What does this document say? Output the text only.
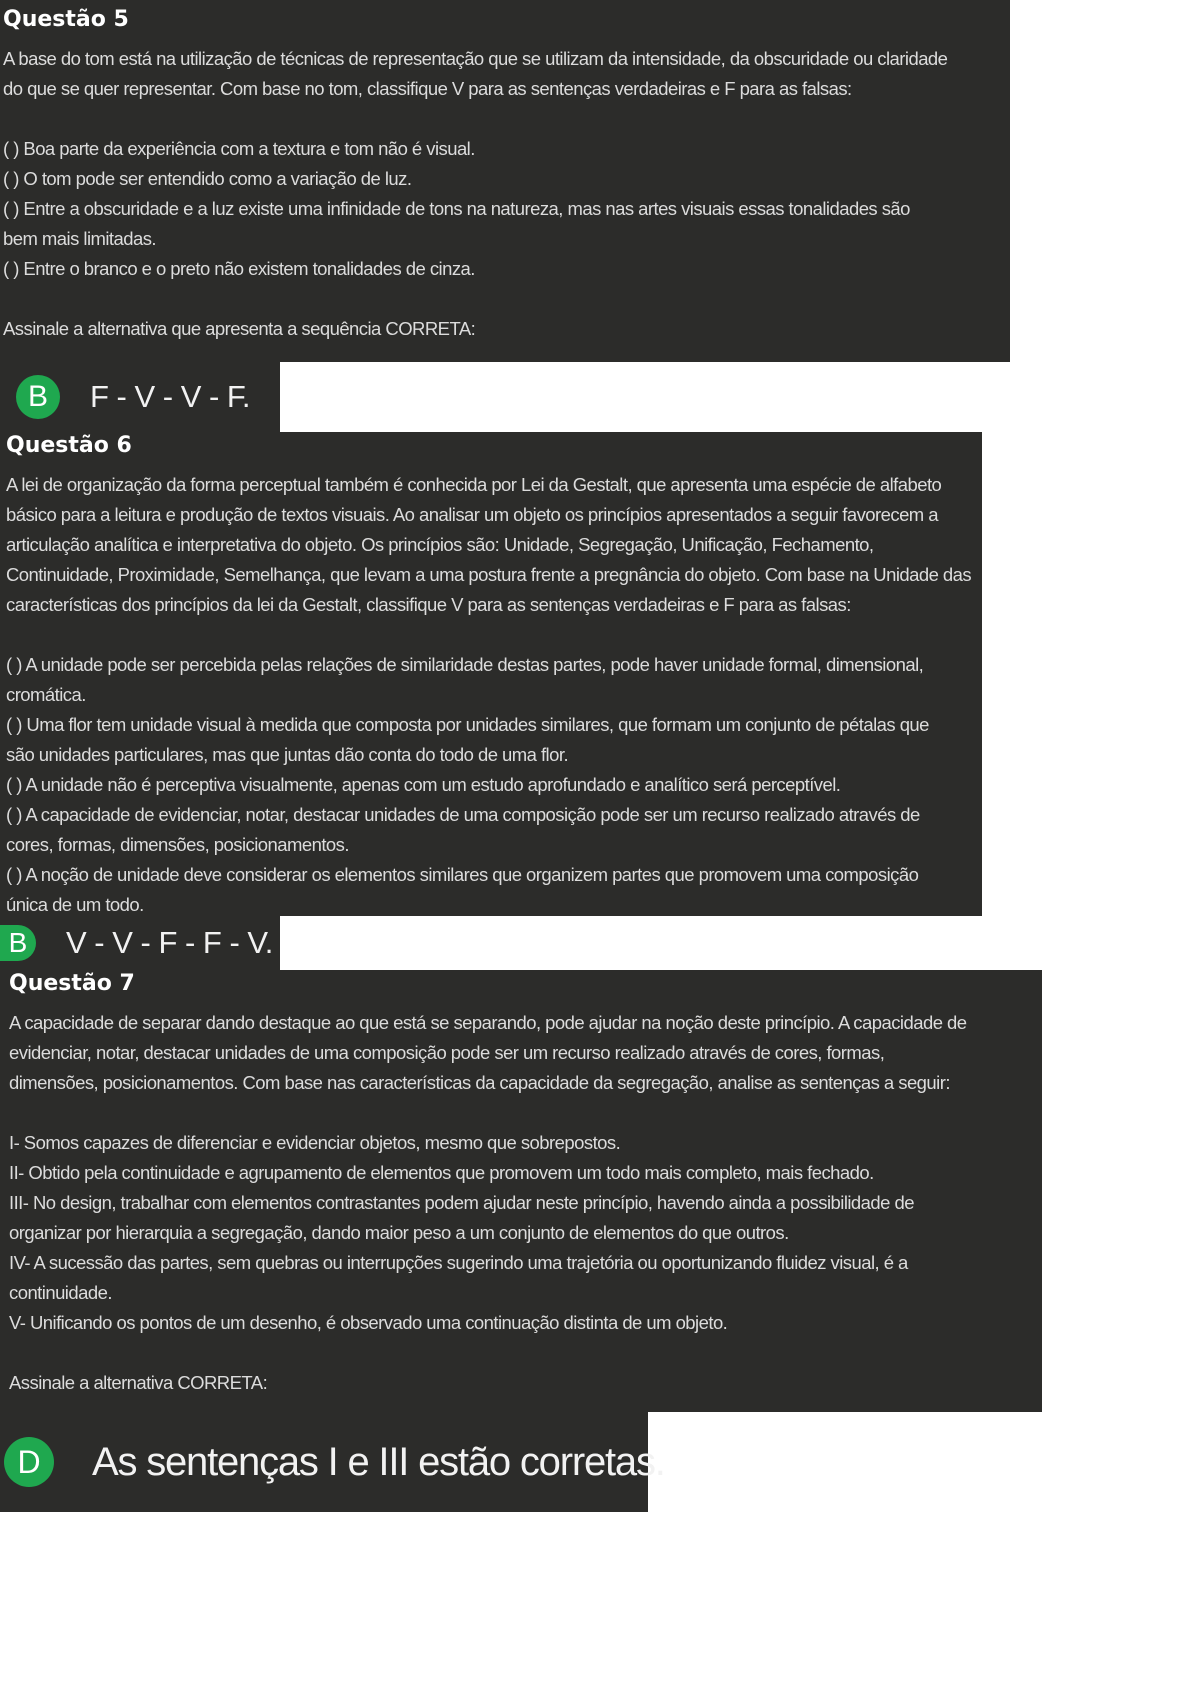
Questão 5

A base do tom está na utilização de técnicas de representação que se utilizam da intensidade, da obscuridade ou claridade
do que se quer representar. Com base no tom, classifique V para as sentenças verdadeiras e F para as falsas:

( ) Boa parte da experiência com a textura e tom não é visual.
( ) O tom pode ser entendido como a variação de luz.
( ) Entre a obscuridade e a luz existe uma infinidade de tons na natureza, mas nas artes visuais essas tonalidades são
bem mais limitadas.
( ) Entre o branco e o preto não existem tonalidades de cinza.

Assinale a alternativa que apresenta a sequência CORRETA:

B	F - V - V - F.
Questão 6

A lei de organização da forma perceptual também é conhecida por Lei da Gestalt, que apresenta uma espécie de alfabeto
básico para a leitura e produção de textos visuais. Ao analisar um objeto os princípios apresentados a seguir favorecem a
articulação analítica e interpretativa do objeto. Os princípios são: Unidade, Segregação, Unificação, Fechamento,
Continuidade, Proximidade, Semelhança, que levam a uma postura frente a pregnância do objeto. Com base na Unidade das
características dos princípios da lei da Gestalt, classifique V para as sentenças verdadeiras e F para as falsas:

( ) A unidade pode ser percebida pelas relações de similaridade destas partes, pode haver unidade formal, dimensional,
cromática.
( ) Uma flor tem unidade visual à medida que composta por unidades similares, que formam um conjunto de pétalas que
são unidades particulares, mas que juntas dão conta do todo de uma flor.
( ) A unidade não é perceptiva visualmente, apenas com um estudo aprofundado e analítico será perceptível.
( ) A capacidade de evidenciar, notar, destacar unidades de uma composição pode ser um recurso realizado através de
cores, formas, dimensões, posicionamentos.
( ) A noção de unidade deve considerar os elementos similares que organizem partes que promovem uma composição
única de um todo.

B V - V - F - F - V.
Questão 7

A capacidade de separar dando destaque ao que está se separando, pode ajudar na noção deste princípio. A capacidade de
evidenciar, notar, destacar unidades de uma composição pode ser um recurso realizado através de cores, formas,
dimensões, posicionamentos. Com base nas características da capacidade da segregação, analise as sentenças a seguir:

I- Somos capazes de diferenciar e evidenciar objetos, mesmo que sobrepostos.
II- Obtido pela continuidade e agrupamento de elementos que promovem um todo mais completo, mais fechado.
III- No design, trabalhar com elementos contrastantes podem ajudar neste princípio, havendo ainda a possibilidade de
organizar por hierarquia a segregação, dando maior peso a um conjunto de elementos do que outros.
IV- A sucessão das partes, sem quebras ou interrupções sugerindo uma trajetória ou oportunizando fluidez visual, é a
continuidade.
V- Unificando os pontos de um desenho, é observado uma continuação distinta de um objeto.

Assinale a alternativa CORRETA:

D	As sentenças I e III estão corretas.
